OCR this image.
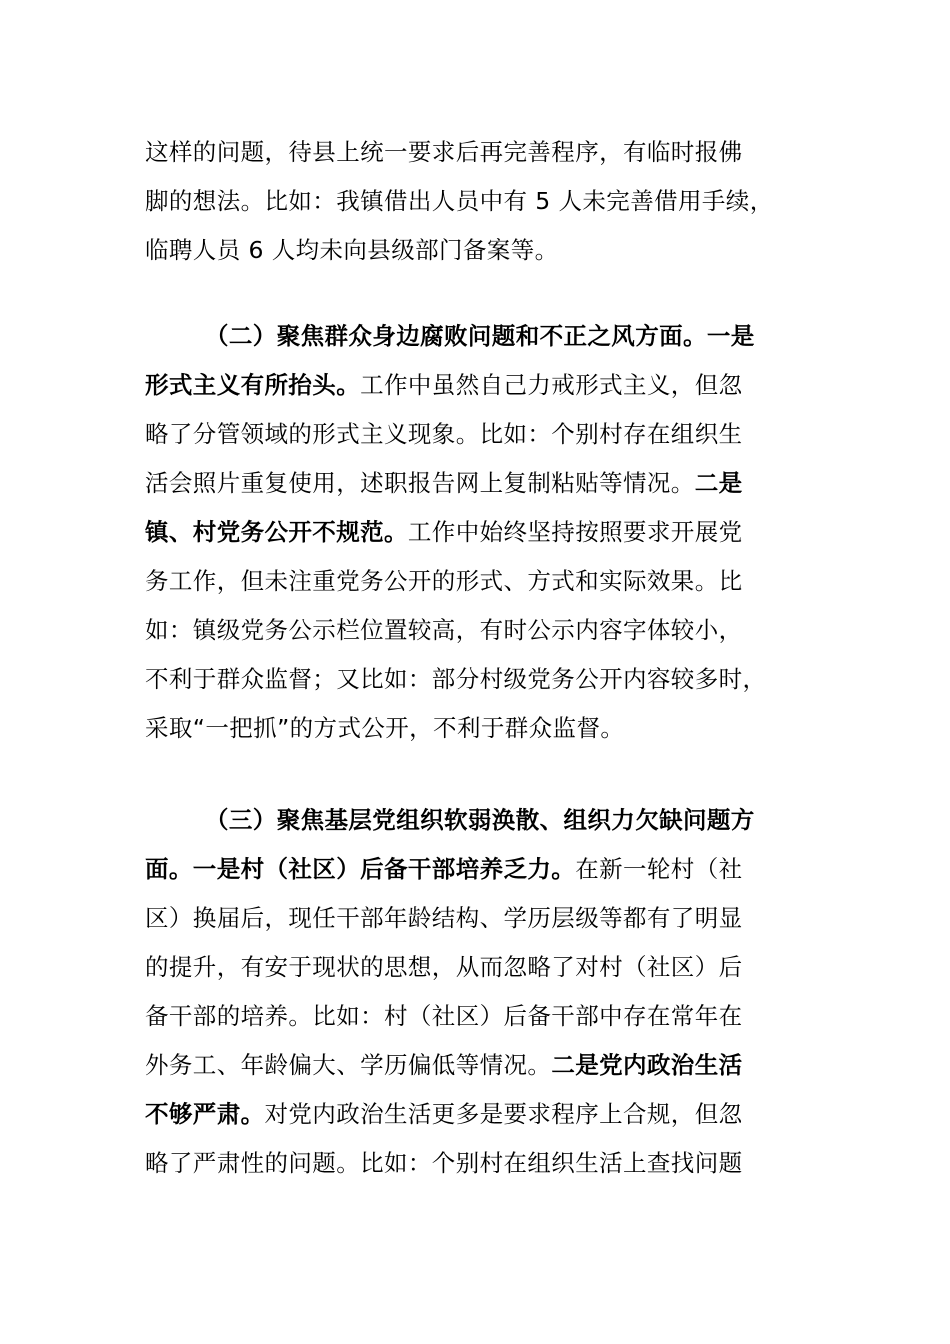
这样的问题，待县上统一要求后再完善程序，有临时报佛
脚的想法。比如：我镇借出人员中有 5 人未完善借用手续，
临聘人员 6 人均未向县级部门备案等。
（二）聚焦群众身边腐败问题和不正之风方面。一是
形式主义有所抬头。工作中虽然自己力戒形式主义，但忽
略了分管领域的形式主义现象。比如：个别村存在组织生
活会照片重复使用，述职报告网上复制粘贴等情况。二是
镇、村党务公开不规范。工作中始终坚持按照要求开展党
务工作，但未注重党务公开的形式、方式和实际效果。比
如：镇级党务公示栏位置较高，有时公示内容字体较小，
不利于群众监督；又比如：部分村级党务公开内容较多时，
采取“一把抓”的方式公开，不利于群众监督。
（三）聚焦基层党组织软弱涣散、组织力欠缺问题方
面。一是村（社区）后备干部培养乏力。在新一轮村（社
区）换届后，现任干部年龄结构、学历层级等都有了明显
的提升，有安于现状的思想，从而忽略了对村（社区）后
备干部的培养。比如：村（社区）后备干部中存在常年在
外务工、年龄偏大、学历偏低等情况。二是党内政治生活
不够严肃。对党内政治生活更多是要求程序上合规，但忽
略了严肃性的问题。比如：个别村在组织生活上查找问题
